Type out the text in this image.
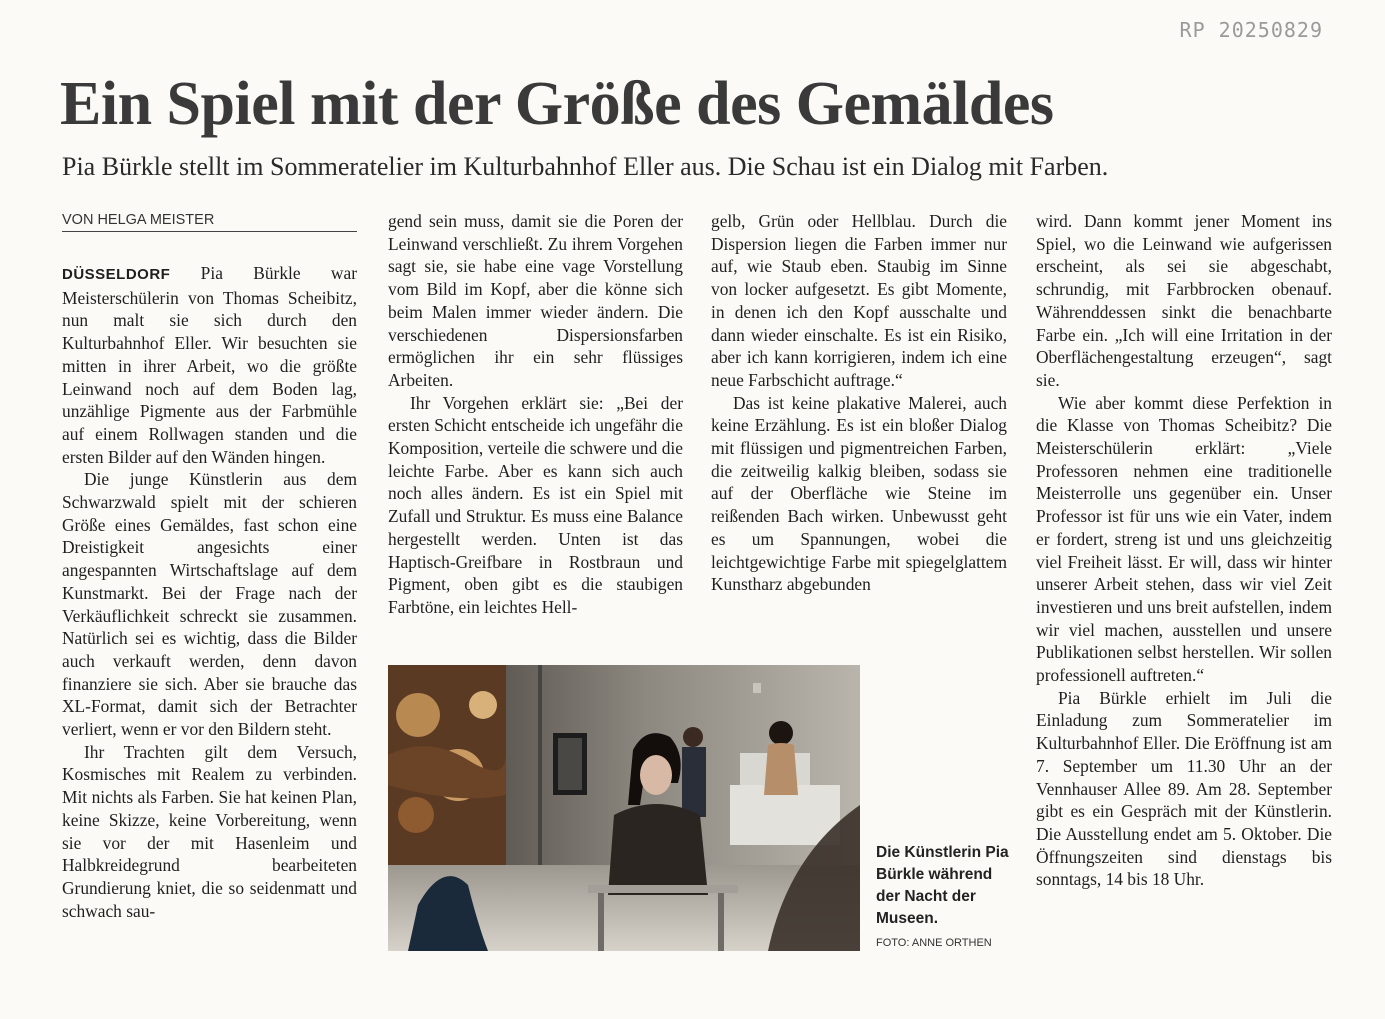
RP 20250829
Ein Spiel mit der Größe des Gemäldes

Pia Bürkle stellt im Sommeratelier im Kulturbahnhof Eller aus. Die Schau ist ein Dialog mit Farben.

VON HELGA MEISTER

DÜSSELDORF Pia Bürkle war Meisterschülerin von Thomas Scheibitz, nun malt sie sich durch den Kulturbahnhof Eller. Wir besuchten sie mitten in ihrer Arbeit, wo die größte Leinwand noch auf dem Boden lag, unzählige Pigmente aus der Farbmühle auf einem Rollwagen standen und die ersten Bilder auf den Wänden hingen.

Die junge Künstlerin aus dem Schwarzwald spielt mit der schieren Größe eines Gemäldes, fast schon eine Dreistigkeit angesichts einer angespannten Wirtschaftslage auf dem Kunstmarkt. Bei der Frage nach der Verkäuflichkeit schreckt sie zusammen. Natürlich sei es wichtig, dass die Bilder auch verkauft werden, denn davon finanziere sie sich. Aber sie brauche das XL-Format, damit sich der Betrachter verliert, wenn er vor den Bildern steht.

Ihr Trachten gilt dem Versuch, Kosmisches mit Realem zu verbinden. Mit nichts als Farben. Sie hat keinen Plan, keine Skizze, keine Vorbereitung, wenn sie vor der mit Hasenleim und Halbkreidegrund bearbeiteten Grundierung kniet, die so seidenmatt und schwach sau-

gend sein muss, damit sie die Poren der Leinwand verschließt. Zu ihrem Vorgehen sagt sie, sie habe eine vage Vorstellung vom Bild im Kopf, aber die könne sich beim Malen immer wieder ändern. Die verschiedenen Dispersionsfarben ermöglichen ihr ein sehr flüssiges Arbeiten.

Ihr Vorgehen erklärt sie: „Bei der ersten Schicht entscheide ich ungefähr die Komposition, verteile die schwere und die leichte Farbe. Aber es kann sich auch noch alles ändern. Es ist ein Spiel mit Zufall und Struktur. Es muss eine Balance hergestellt werden. Unten ist das Haptisch-Greifbare in Rostbraun und Pigment, oben gibt es die staubigen Farbtöne, ein leichtes Hell-

gelb, Grün oder Hellblau. Durch die Dispersion liegen die Farben immer nur auf, wie Staub eben. Staubig im Sinne von locker aufgesetzt. Es gibt Momente, in denen ich den Kopf ausschalte und dann wieder einschalte. Es ist ein Risiko, aber ich kann korrigieren, indem ich eine neue Farbschicht auftrage.“

Das ist keine plakative Malerei, auch keine Erzählung. Es ist ein bloßer Dialog mit flüssigen und pigmentreichen Farben, die zeitweilig kalkig bleiben, sodass sie auf der Oberfläche wie Steine im reißenden Bach wirken. Unbewusst geht es um Spannungen, wobei die leichtgewichtige Farbe mit spiegelglattem Kunstharz abgebunden

wird. Dann kommt jener Moment ins Spiel, wo die Leinwand wie aufgerissen erscheint, als sei sie abgeschabt, schrundig, mit Farbbrocken obenauf. Währenddessen sinkt die benachbarte Farbe ein. „Ich will eine Irritation in der Oberflächengestaltung erzeugen“, sagt sie.

Wie aber kommt diese Perfektion in die Klasse von Thomas Scheibitz? Die Meisterschülerin erklärt: „Viele Professoren nehmen eine traditionelle Meisterrolle uns gegenüber ein. Unser Professor ist für uns wie ein Vater, indem er fordert, streng ist und uns gleichzeitig viel Freiheit lässt. Er will, dass wir hinter unserer Arbeit stehen, dass wir viel Zeit investieren und uns breit aufstellen, indem wir viel machen, ausstellen und unsere Publikationen selbst herstellen. Wir sollen professionell auftreten.“

Pia Bürkle erhielt im Juli die Einladung zum Sommeratelier im Kulturbahnhof Eller. Die Eröffnung ist am 7. September um 11.30 Uhr an der Vennhauser Allee 89. Am 28. September gibt es ein Gespräch mit der Künstlerin. Die Ausstellung endet am 5. Oktober. Die Öffnungszeiten sind dienstags bis sonntags, 14 bis 18 Uhr.

Die Künstlerin Pia Bürkle während der Nacht der Museen.
FOTO: ANNE ORTHEN
